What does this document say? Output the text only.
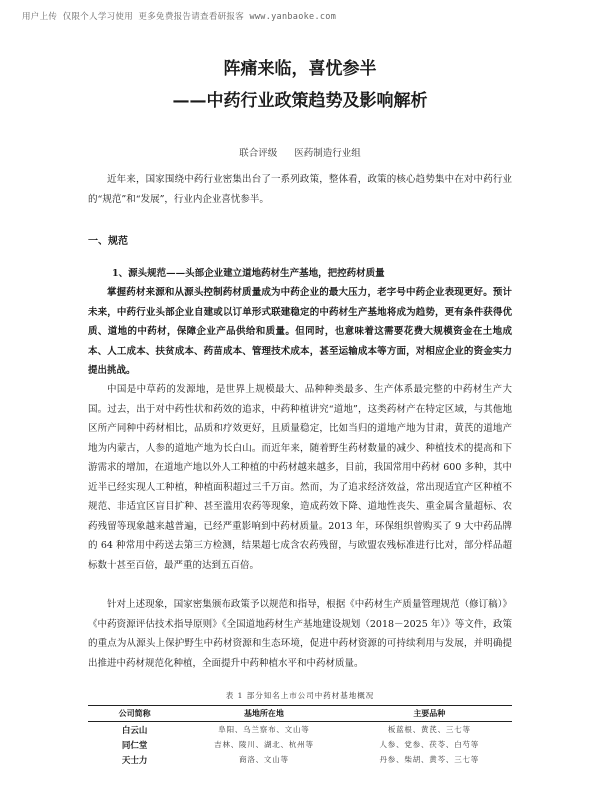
用户上传 仅限个人学习使用 更多免费报告请查看研报客 www.yanbaoke.com
阵痛来临，喜忧参半
——中药行业政策趋势及影响解析
联合评级 医药制造行业组

近年来，国家围绕中药行业密集出台了一系列政策，整体看，政策的核心趋势集中在对中药行业的“规范”和“发展”，行业内企业喜忧参半。

一、规范
1、源头规范——头部企业建立道地药材生产基地，把控药材质量

掌握药材来源和从源头控制药材质量成为中药企业的最大压力，老字号中药企业表现更好。预计未来，中药行业头部企业自建或以订单形式联建稳定的中药材生产基地将成为趋势，更有条件获得优质、道地的中药材，保障企业产品供给和质量。但同时，也意味着这需要花费大规模资金在土地成本、人工成本、扶贫成本、药苗成本、管理技术成本，甚至运输成本等方面，对相应企业的资金实力提出挑战。

中国是中草药的发源地，是世界上规模最大、品种种类最多、生产体系最完整的中药材生产大国。过去，出于对中药性状和药效的追求，中药种植讲究“道地”，这类药材产在特定区域，与其他地区所产同种中药材相比，品质和疗效更好，且质量稳定，比如当归的道地产地为甘肃，黄芪的道地产地为内蒙古，人参的道地产地为长白山。而近年来，随着野生药材数量的减少、种植技术的提高和下游需求的增加，在道地产地以外人工种植的中药材越来越多，目前，我国常用中药材 600 多种，其中近半已经实现人工种植，种植面积超过三千万亩。然而，为了追求经济效益，常出现适宜产区种植不规范、非适宜区盲目扩种、甚至滥用农药等现象，造成药效下降、道地性丧失、重金属含量超标、农药残留等现象越来越普遍，已经严重影响到中药材质量。2013 年，环保组织曾购买了 9 大中药品牌的 64 种常用中药送去第三方检测，结果超七成含农药残留，与欧盟农残标准进行比对，部分样品超标数十甚至百倍，最严重的达到五百倍。

针对上述现象，国家密集颁布政策予以规范和指导，根据《中药材生产质量管理规范（修订稿）》《中药资源评估技术指导原则》《全国道地药材生产基地建设规划（2018－2025 年）》等文件，政策的重点为从源头上保护野生中药材资源和生态环境，促进中药材资源的可持续利用与发展，并明确提出推进中药材规范化种植，全面提升中药种植水平和中药材质量。

表 1 部分知名上市公司中药材基地概况
公司简称	基地所在地	主要品种
白云山	阜阳、乌兰察布、文山等	板蓝根、黄芪、三七等
同仁堂	吉林、陵川、湖北、杭州等	人参、党参、茯苓、白芍等
天士力	商洛、文山等	丹参、柴胡、黄芩、三七等
